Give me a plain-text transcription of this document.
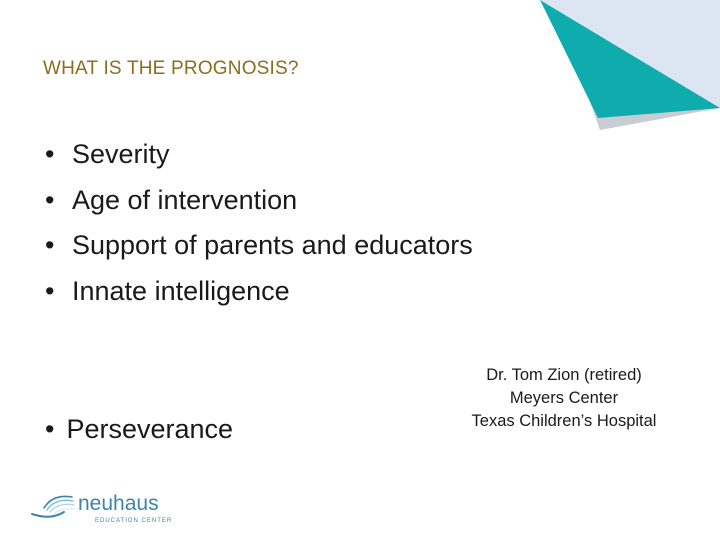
WHAT IS THE PROGNOSIS?
• Severity
• Age of intervention
• Support of parents and educators
• Innate intelligence
• Perseverance
Dr. Tom Zion (retired)
Meyers Center
Texas Children’s Hospital
neuhaus
EDUCATION CENTER
